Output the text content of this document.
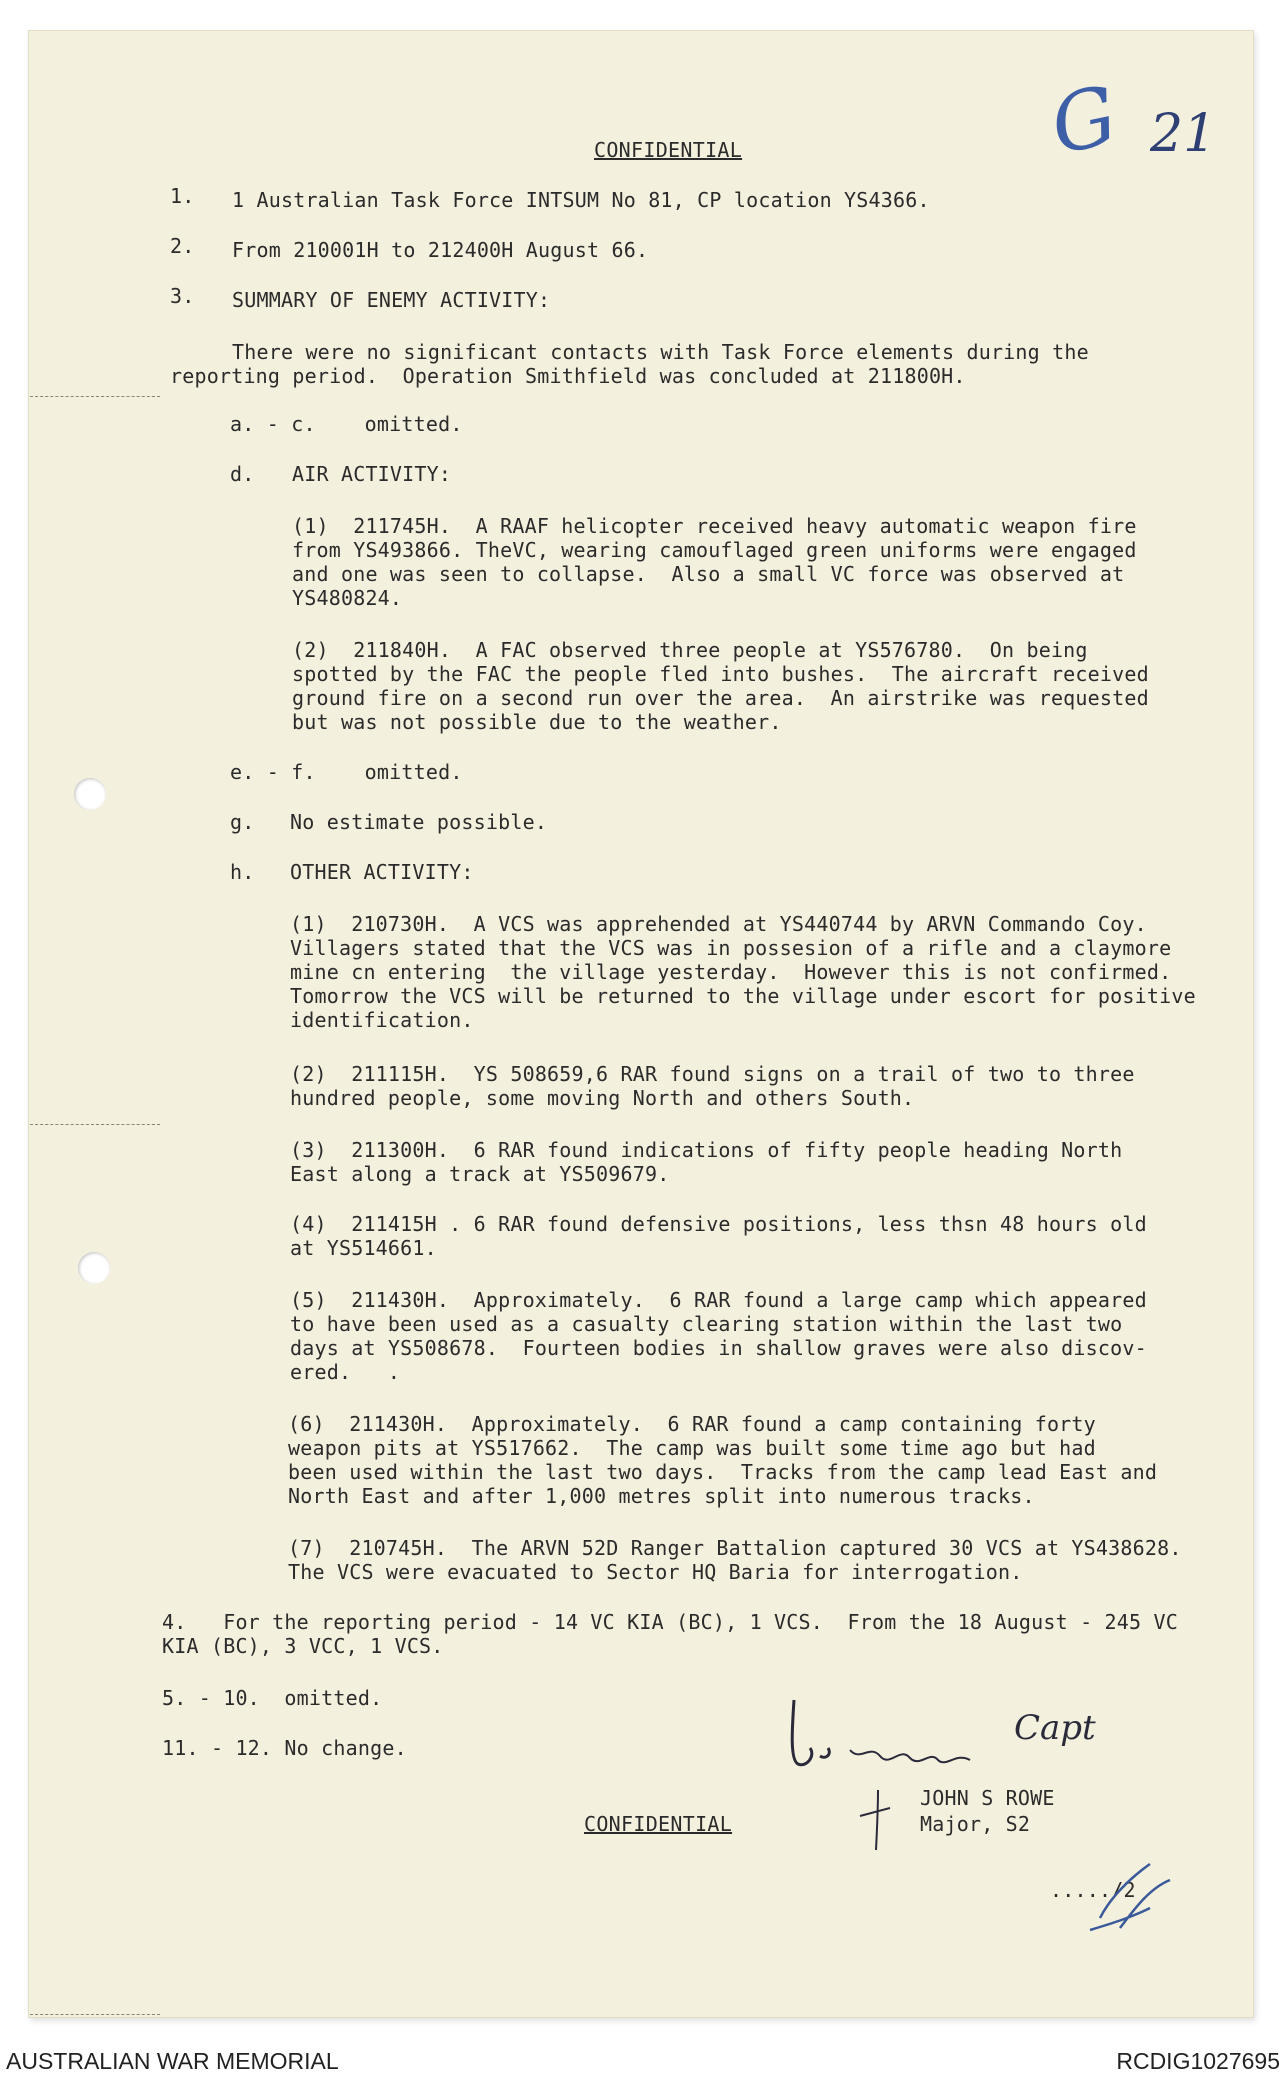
CONFIDENTIAL	G 21
1. 1 Australian Task Force INTSUM No 81, CP location YS4366.
2. From 210001H to 212400H August 66.
3. SUMMARY OF ENEMY ACTIVITY:
There were no significant contacts with Task Force elements during the
reporting period.  Operation Smithfield was concluded at 211800H.
a. - c.    omitted.
d. AIR ACTIVITY:
(1)  211745H.  A RAAF helicopter received heavy automatic weapon fire
from YS493866. TheVC, wearing camouflaged green uniforms were engaged
and one was seen to collapse.  Also a small VC force was observed at
YS480824.
(2)  211840H.  A FAC observed three people at YS576780.  On being
spotted by the FAC the people fled into bushes.  The aircraft received
ground fire on a second run over the area.  An airstrike was requested
but was not possible due to the weather.
e. - f.    omitted.
g. No estimate possible.
h. OTHER ACTIVITY:
(1)  210730H.  A VCS was apprehended at YS440744 by ARVN Commando Coy.
Villagers stated that the VCS was in possesion of a rifle and a claymore
mine cn entering  the village yesterday.  However this is not confirmed.
Tomorrow the VCS will be returned to the village under escort for positive
identification.
(2)  211115H.  YS 508659,6 RAR found signs on a trail of two to three
hundred people, some moving North and others South.
(3)  211300H.  6 RAR found indications of fifty people heading North
East along a track at YS509679.
(4)  211415H . 6 RAR found defensive positions, less thsn 48 hours old
at YS514661.
(5)  211430H.  Approximately.  6 RAR found a large camp which appeared
to have been used as a casualty clearing station within the last two
days at YS508678.  Fourteen bodies in shallow graves were also discov-
ered.   .
(6)  211430H.  Approximately.  6 RAR found a camp containing forty
weapon pits at YS517662.  The camp was built some time ago but had
been used within the last two days.  Tracks from the camp lead East and
North East and after 1,000 metres split into numerous tracks.
(7)  210745H.  The ARVN 52D Ranger Battalion captured 30 VCS at YS438628.
The VCS were evacuated to Sector HQ Baria for interrogation.
4.   For the reporting period - 14 VC KIA (BC), 1 VCS.  From the 18 August - 245 VC
KIA (BC), 3 VCC, 1 VCS.
5. - 10.  omitted.
11. - 12. No change.	Capt
JOHN S ROWE
Major, S2
CONFIDENTIAL
...../2
AUSTRALIAN WAR MEMORIAL	RCDIG1027695
